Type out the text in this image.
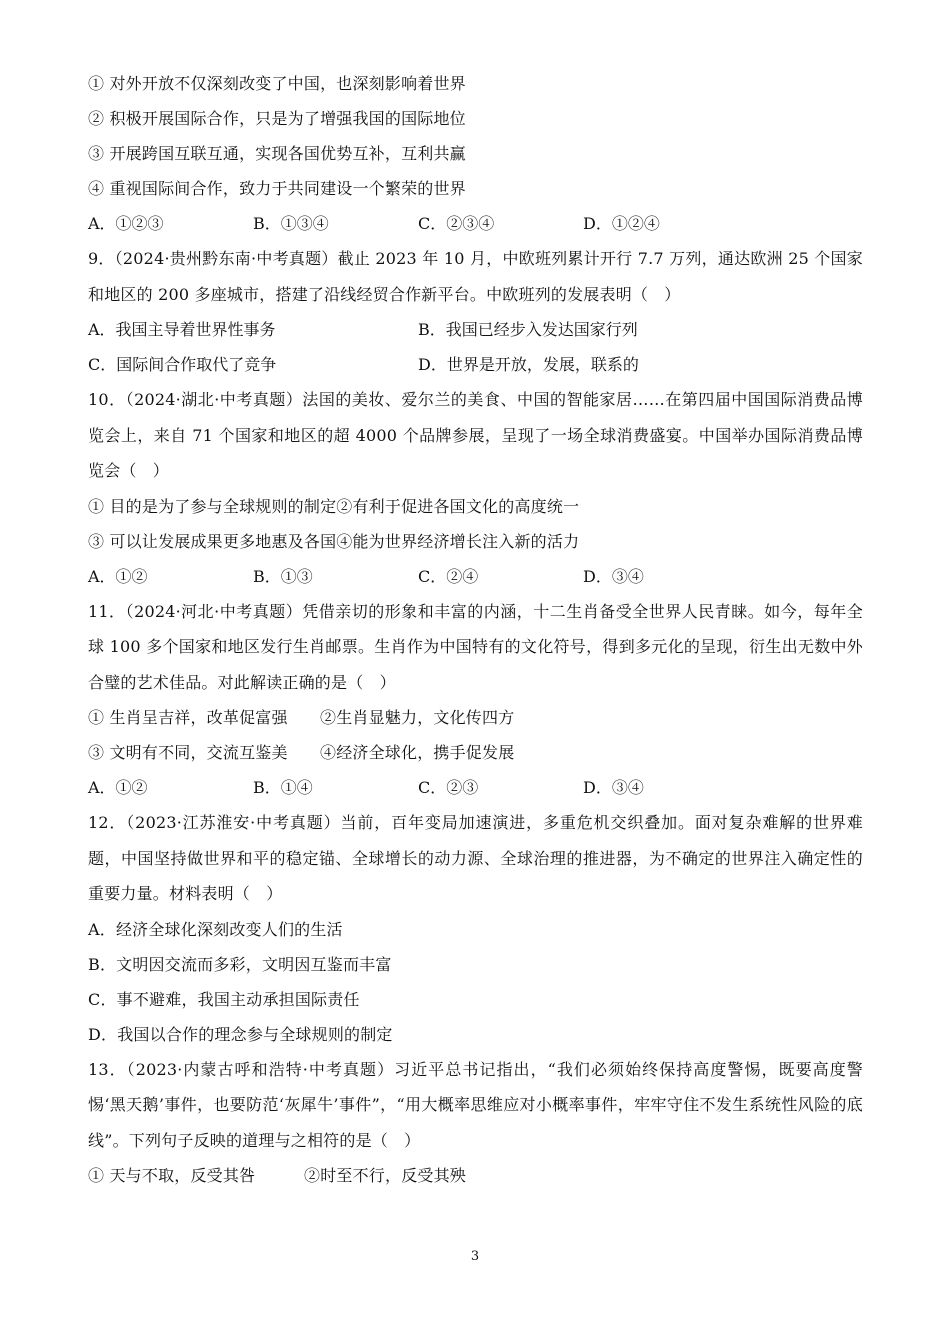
① 对外开放不仅深刻改变了中国，也深刻影响着世界
② 积极开展国际合作，只是为了增强我国的国际地位
③ 开展跨国互联互通，实现各国优势互补，互利共赢
④ 重视国际间合作，致力于共同建设一个繁荣的世界
A．①②③	B．①③④	C．②③④	D．①②④
9．（2024·贵州黔东南·中考真题）截止 2023 年 10 月，中欧班列累计开行 7.7 万列，通达欧洲 25 个国家和地区的 200 多座城市，搭建了沿线经贸合作新平台。中欧班列的发展表明（　）
A．我国主导着世界性事务	B．我国已经步入发达国家行列
C．国际间合作取代了竞争	D．世界是开放，发展，联系的
10．（2024·湖北·中考真题）法国的美妆、爱尔兰的美食、中国的智能家居……在第四届中国国际消费品博览会上，来自 71 个国家和地区的超 4000 个品牌参展，呈现了一场全球消费盛宴。中国举办国际消费品博览会（　）
① 目的是为了参与全球规则的制定②有利于促进各国文化的高度统一
③ 可以让发展成果更多地惠及各国④能为世界经济增长注入新的活力
A．①②	B．①③	C．②④	D．③④
11．（2024·河北·中考真题）凭借亲切的形象和丰富的内涵，十二生肖备受全世界人民青睐。如今，每年全球 100 多个国家和地区发行生肖邮票。生肖作为中国特有的文化符号，得到多元化的呈现，衍生出无数中外合璧的艺术佳品。对此解读正确的是（　）
① 生肖呈吉祥，改革促富强 ②生肖显魅力，文化传四方
③ 文明有不同，交流互鉴美 ④经济全球化，携手促发展
A．①②	B．①④	C．②③	D．③④
12．（2023·江苏淮安·中考真题）当前，百年变局加速演进，多重危机交织叠加。面对复杂难解的世界难题，中国坚持做世界和平的稳定锚、全球增长的动力源、全球治理的推进器，为不确定的世界注入确定性的重要力量。材料表明（　）
A．经济全球化深刻改变人们的生活
B．文明因交流而多彩，文明因互鉴而丰富
C．事不避难，我国主动承担国际责任
D．我国以合作的理念参与全球规则的制定
13．（2023·内蒙古呼和浩特·中考真题）习近平总书记指出，“我们必须始终保持高度警惕，既要高度警惕‘黑天鹅’事件，也要防范‘灰犀牛’事件”，“用大概率思维应对小概率事件，牢牢守住不发生系统性风险的底线”。下列句子反映的道理与之相符的是（　）
① 天与不取，反受其咎	②时至不行，反受其殃
3
